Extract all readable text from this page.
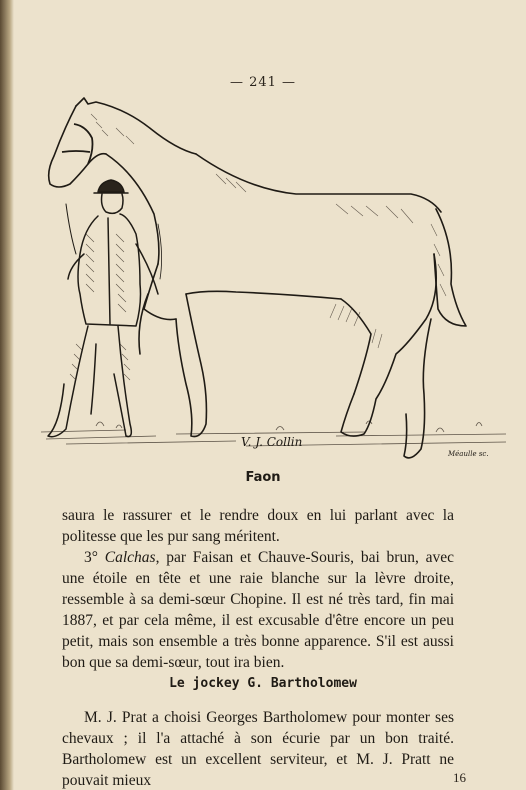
— 241 —
V. J. Collin
Méaulle sc.
Faon
saura le rassurer et le rendre doux en lui parlant avec la politesse que les pur sang méritent.
3° Calchas, par Faisan et Chauve-Souris, bai brun, avec une étoile en tête et une raie blanche sur la lèvre droite, ressemble à sa demi-sœur Chopine. Il est né très tard, fin mai 1887, et par cela même, il est excusable d'être encore un peu petit, mais son ensemble a très bonne apparence. S'il est aussi bon que sa demi-sœur, tout ira bien.
Le jockey G. Bartholomew
M. J. Prat a choisi Georges Bartholomew pour monter ses chevaux ; il l'a attaché à son écurie par un bon traité. Bartholomew est un excellent serviteur, et M. J. Pratt ne pouvait mieux	16
